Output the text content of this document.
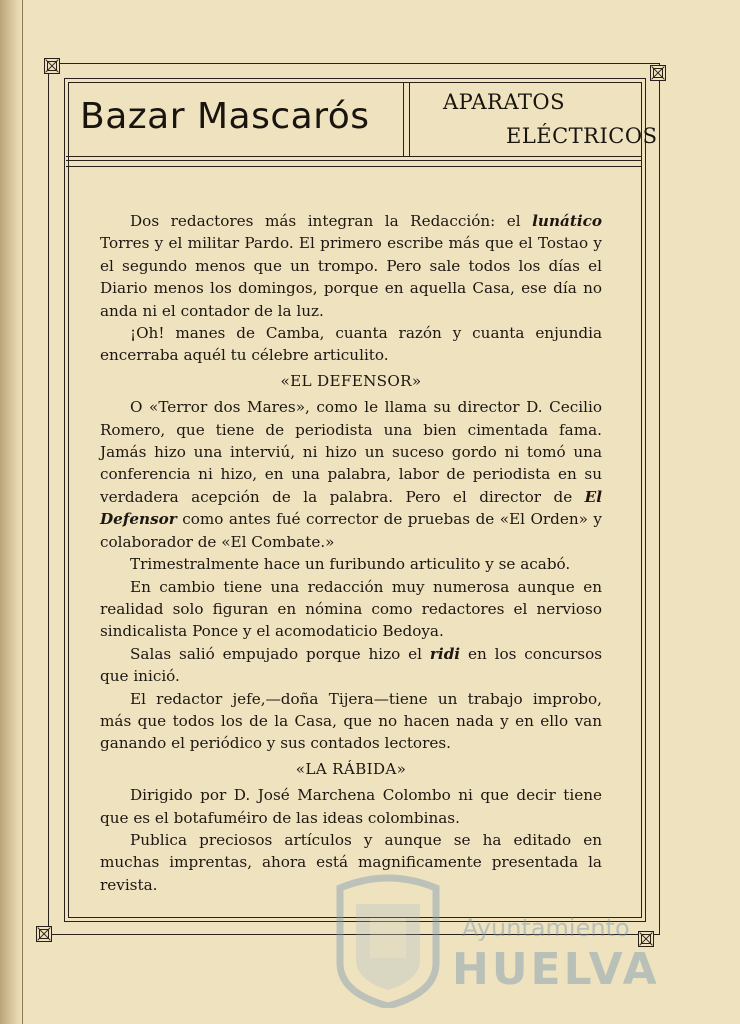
Bazar Mascarós	APARATOS
ELÉCTRICOS

Dos redactores más integran la Redacción: el lunático Torres y el militar Pardo. El primero escribe más que el Tostao y el segundo menos que un trompo. Pero sale todos los días el Diario menos los domingos, porque en aquella Casa, ese día no anda ni el contador de la luz.

¡Oh! manes de Camba, cuanta razón y cuanta enjundia encerraba aquél tu célebre articulito.

«EL DEFENSOR»

O «Terror dos Mares», como le llama su director D. Cecilio Romero, que tiene de periodista una bien cimentada fama. Jamás hizo una interviú, ni hizo un suceso gordo ni tomó una conferencia ni hizo, en una palabra, labor de periodista en su verdadera acepción de la palabra. Pero el director de El Defensor como antes fué corrector de pruebas de «El Orden» y colaborador de «El Combate.»

Trimestralmente hace un furibundo articulito y se acabó.

En cambio tiene una redacción muy numerosa aunque en realidad solo figuran en nómina como redactores el nervioso sindicalista Ponce y el acomodaticio Bedoya.

Salas salió empujado porque hizo el ridi en los concursos que inició.

El redactor jefe,—doña Tijera—tiene un trabajo improbo, más que todos los de la Casa, que no hacen nada y en ello van ganando el periódico y sus contados lectores.

«LA RÁBIDA»

Dirigido por D. José Marchena Colombo ni que decir tiene que es el botafuméiro de las ideas colombinas.

Publica preciosos artículos y aunque se ha editado en muchas imprentas, ahora está magnificamente presentada la revista.

Ayuntamiento
HUELVA
